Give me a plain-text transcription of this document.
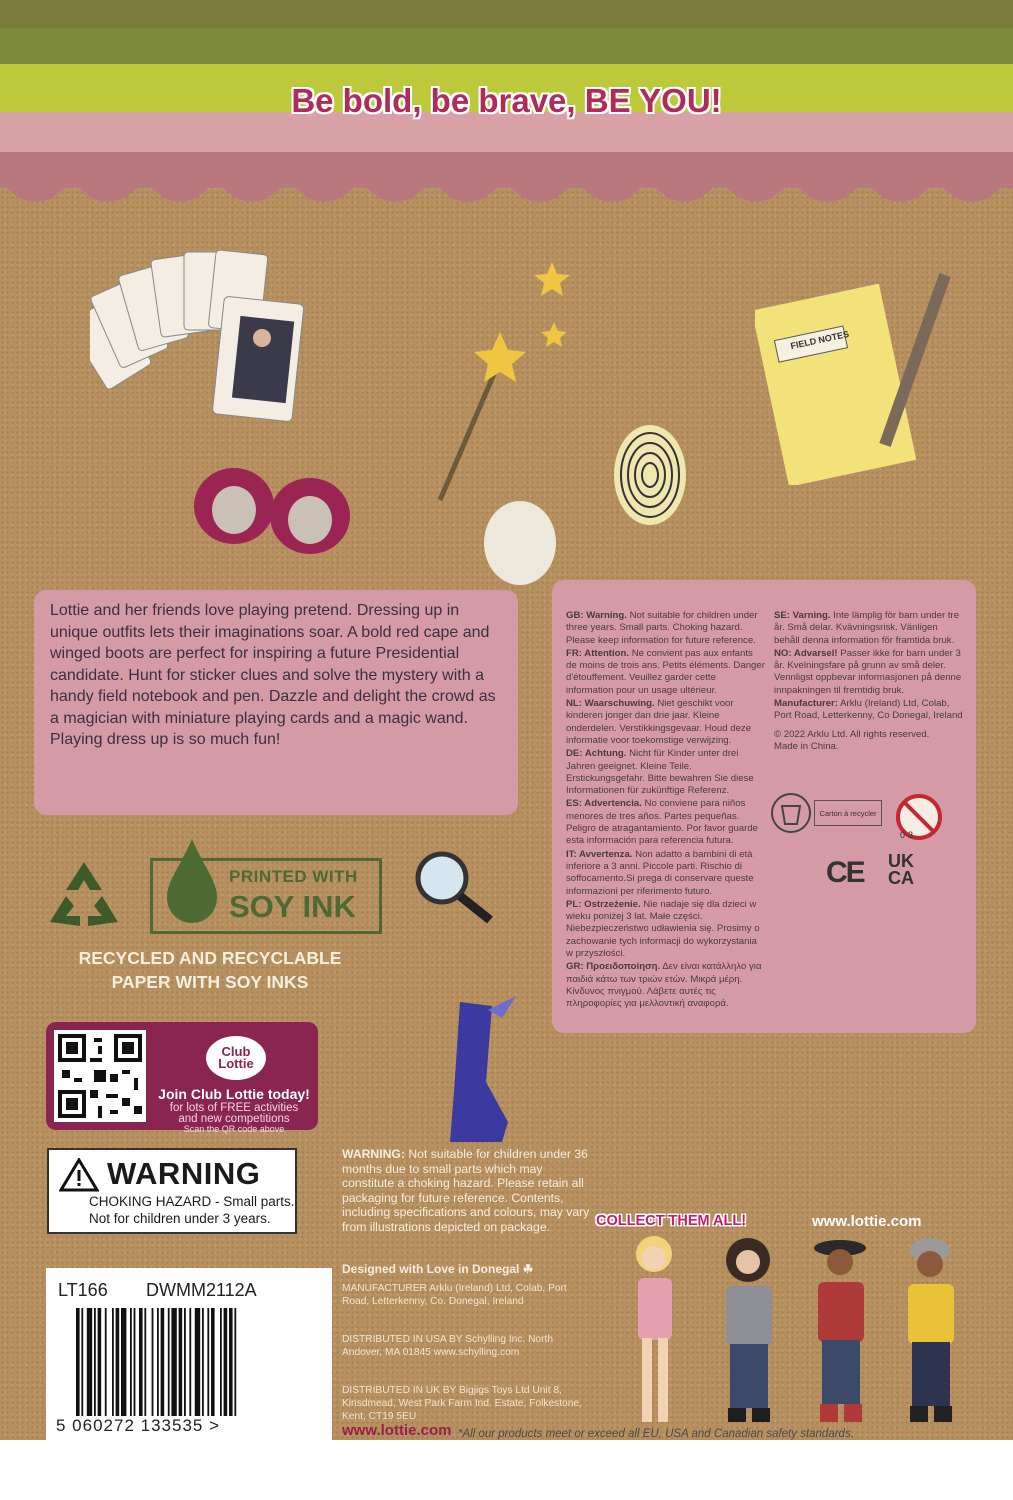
Be bold, be brave, BE YOU!
FIELD NOTES

Lottie and her friends love playing pretend. Dressing up in unique outfits lets their imaginations soar. A bold red cape and winged boots are perfect for inspiring a future Presidential candidate. Hunt for sticker clues and solve the mystery with a handy field notebook and pen. Dazzle and delight the crowd as a magician with miniature playing cards and a magic wand. Playing dress up is so much fun!

GB: Warning. Not suitable for children under three years. Small parts. Choking hazard. Please keep information for future reference.
FR: Attention. Ne convient pas aux enfants de moins de trois ans. Petits éléments. Danger d'étouffement. Veuillez garder cette information pour un usage ultérieur.
NL: Waarschuwing. Niet geschikt voor kinderen jonger dan drie jaar. Kleine onderdelen. Verstikkingsgevaar. Houd deze informatie voor toekomstige verwijzing.
DE: Achtung. Nicht für Kinder unter drei Jahren geeignet. Kleine Teile. Erstickungsgefahr. Bitte bewahren Sie diese Informationen für zukünftige Referenz.
ES: Advertencia. No conviene para niños menores de tres años. Partes pequeñas. Peligro de atragantamiento. Por favor guarde esta información para referencia futura.
IT: Avvertenza. Non adatto a bambini di età inferiore a 3 anni. Piccole parti. Rischio di soffocamento.Si prega di conservare queste informazioni per riferimento futuro.
PL: Ostrzeżenie. Nie nadaje się dla dzieci w wieku poniżej 3 lat. Małe części. Niebezpieczeństwo udławienia się. Prosimy o zachowanie tych informacji do wykorzystania w przyszłości.
GR: Προειδοποίηση. Δεν είναι κατάλληλο για παιδιά κάτω των τριών ετών. Μικρά μέρη. Κίνδυνος πνιγμού. Λάβετε αυτές τις πληροφορίες για μελλοντική αναφορά.
SE: Varning. Inte lämplig för barn under tre år. Små delar. Kvävningsrisk. Vänligen behåll denna information för framtida bruk.
NO: Advarsel! Passer ikke for barn under 3 år. Kvelningsfare på grunn av små deler. Vennligst oppbevar informasjonen på denne innpakningen til fremtidig bruk.
Manufacturer: Arklu (Ireland) Ltd, Colab, Port Road, Letterkenny, Co Donegal, Ireland
© 2022 Arklu Ltd. All rights reserved.
Made in China.
Carton à recycler
0-3
CE UK
CA
PRINTED WITH
SOY INK
RECYCLED AND RECYCLABLE
PAPER WITH SOY INKS
Club
Lottie
Join Club Lottie today!
for lots of FREE activities
and new competitions
Scan the QR code above
WARNING
CHOKING HAZARD - Small parts.
Not for children under 3 years.
LT166 DWMM2112A
5 060272 133535 >
WARNING: Not suitable for children under 36 months due to small parts which may constitute a choking hazard. Please retain all packaging for future reference. Contents, including specifications and colours, may vary from illustrations depicted on package.
Designed with Love in Donegal ☘
MANUFACTURER Arklu (Ireland) Ltd, Colab, Port Road, Letterkenny, Co. Donegal, Ireland
DISTRIBUTED IN USA BY Schylling Inc. North Andover, MA 01845 www.schylling.com
DISTRIBUTED IN UK BY Bigjigs Toys Ltd Unit 8, Kinsdmead, West Park Farm Ind. Estate, Folkestone, Kent, CT19 5EU
www.lottie.com
COLLECT THEM ALL!	www.lottie.com
*All our products meet or exceed all EU, USA and Canadian safety standards.
